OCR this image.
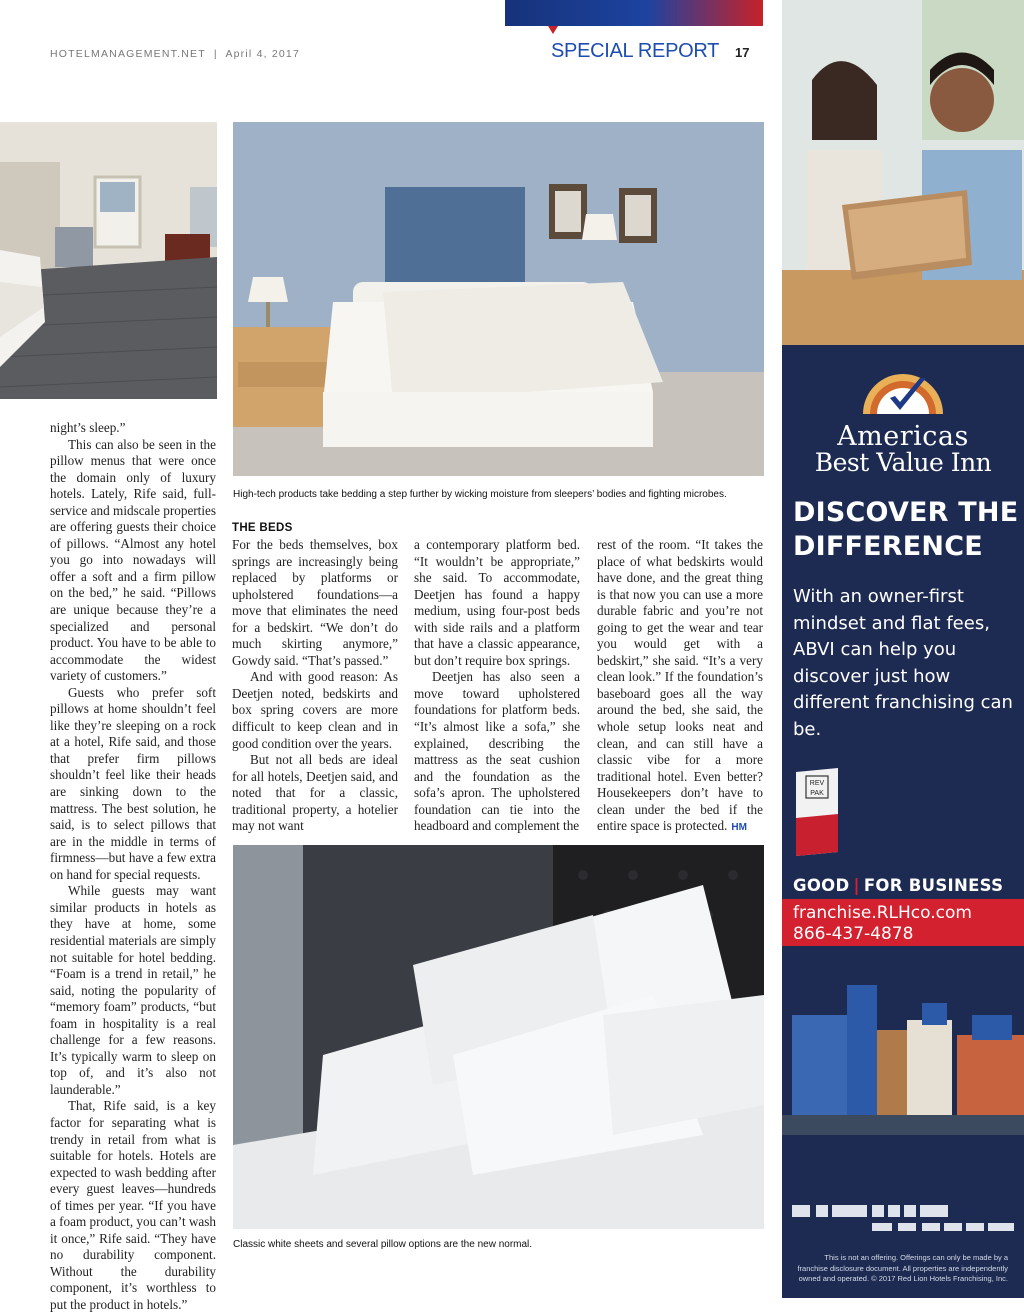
HOTELMANAGEMENT.NET  |  April 4, 2017	SPECIAL REPORT 17
High-tech products take bedding a step further by wicking moisture from sleepers’ bodies and fighting microbes.

night’s sleep.”

This can also be seen in the pillow menus that were once the domain only of luxury hotels. Lately, Rife said, full-service and midscale properties are offering guests their choice of pillows. “Almost any hotel you go into nowadays will offer a soft and a firm pillow on the bed,” he said. “Pillows are unique because they’re a specialized and personal product. You have to be able to accommodate the widest variety of customers.”

Guests who prefer soft pillows at home shouldn’t feel like they’re sleeping on a rock at a hotel, Rife said, and those that prefer firm pillows shouldn’t feel like their heads are sinking down to the mattress. The best solution, he said, is to select pillows that are in the middle in terms of firmness—but have a few extra on hand for special requests.

While guests may want similar products in hotels as they have at home, some residential materials are simply not suitable for hotel bedding. “Foam is a trend in retail,” he said, noting the popularity of “memory foam” products, “but foam in hospitality is a real challenge for a few reasons. It’s typically warm to sleep on top of, and it’s also not launderable.”

That, Rife said, is a key factor for separating what is trendy in retail from what is suitable for hotels. Hotels are expected to wash bedding after every guest leaves—hundreds of times per year. “If you have a foam product, you can’t wash it once,” Rife said. “They have no durability component. Without the durability component, it’s worthless to put the product in hotels.”

THE BEDS

For the beds themselves, box springs are increasingly being replaced by platforms or upholstered foundations—a move that eliminates the need for a bedskirt. “We don’t do much skirting anymore,” Gowdy said. “That’s passed.”

And with good reason: As Deetjen noted, bedskirts and box spring covers are more difficult to keep clean and in good condition over the years.

But not all beds are ideal for all hotels, Deetjen said, and noted that for a classic, traditional property, a hotelier may not want

a contemporary platform bed. “It wouldn’t be appropriate,” she said. To accommodate, Deetjen has found a happy medium, using four-post beds with side rails and a platform that have a classic appearance, but don’t require box springs.

Deetjen has also seen a move toward upholstered foundations for platform beds. “It’s almost like a sofa,” she explained, describing the mattress as the seat cushion and the foundation as the sofa’s apron. The upholstered foundation can tie into the headboard and complement the

rest of the room. “It takes the place of what bedskirts would have done, and the great thing is that now you can use a more durable fabric and you’re not going to get the wear and tear you would get with a bedskirt,” she said. “It’s a very clean look.” If the foundation’s baseboard goes all the way around the bed, she said, the whole setup looks neat and clean, and can still have a classic vibe for a more traditional hotel. Even better? Housekeepers don’t have to clean under the bed if the entire space is protected. HM

Classic white sheets and several pillow options are the new normal.
Americas
Best Value Inn
DISCOVER THE
DIFFERENCE
With an owner-first mindset and flat fees, ABVI can help you discover just how different franchising can be.
REV
PAK
GOOD | FOR BUSINESS
franchise.RLHco.com
866-437-4878
This is not an offering. Offerings can only be made by a franchise disclosure document. All properties are independently owned and operated. © 2017 Red Lion Hotels Franchising, Inc.
